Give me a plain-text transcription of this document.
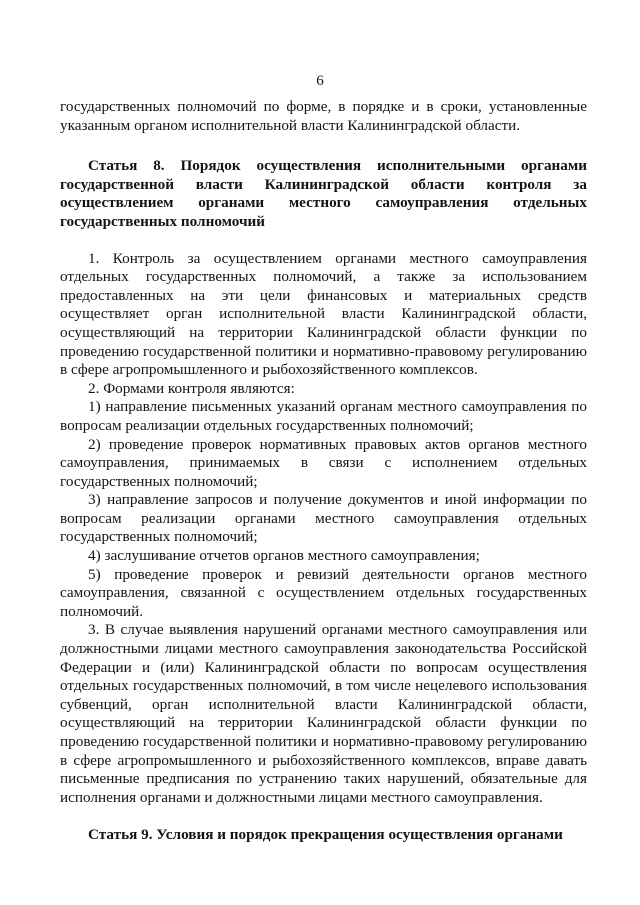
6

государственных полномочий по форме, в порядке и в сроки, установленные указанным органом исполнительной власти Калининградской области.

Статья 8. Порядок осуществления исполнительными органами государственной власти Калининградской области контроля за осуществлением органами местного самоуправления отдельных государственных полномочий

1. Контроль за осуществлением органами местного самоуправления отдельных государственных полномочий, а также за использованием предоставленных на эти цели финансовых и материальных средств осуществляет орган исполнительной власти Калининградской области, осуществляющий на территории Калининградской области функции по проведению государственной политики и нормативно-правовому регулированию в сфере агропромышленного и рыбохозяйственного комплексов.

2. Формами контроля являются:

1) направление письменных указаний органам местного самоуправления по вопросам реализации отдельных государственных полномочий;

2) проведение проверок нормативных правовых актов органов местного самоуправления, принимаемых в связи с исполнением отдельных государственных полномочий;

3) направление запросов и получение документов и иной информации по вопросам реализации органами местного самоуправления отдельных государственных полномочий;

4) заслушивание отчетов органов местного самоуправления;

5) проведение проверок и ревизий деятельности органов местного самоуправления, связанной с осуществлением отдельных государственных полномочий.

3. В случае выявления нарушений органами местного самоуправления или должностными лицами местного самоуправления законодательства Российской Федерации и (или) Калининградской области по вопросам осуществления отдельных государственных полномочий, в том числе нецелевого использования субвенций, орган исполнительной власти Калининградской области, осуществляющий на территории Калининградской области функции по проведению государственной политики и нормативно-правовому регулированию в сфере агропромышленного и рыбохозяйственного комплексов, вправе давать письменные предписания по устранению таких нарушений, обязательные для исполнения органами и должностными лицами местного самоуправления.

Статья 9. Условия и порядок прекращения осуществления органами
